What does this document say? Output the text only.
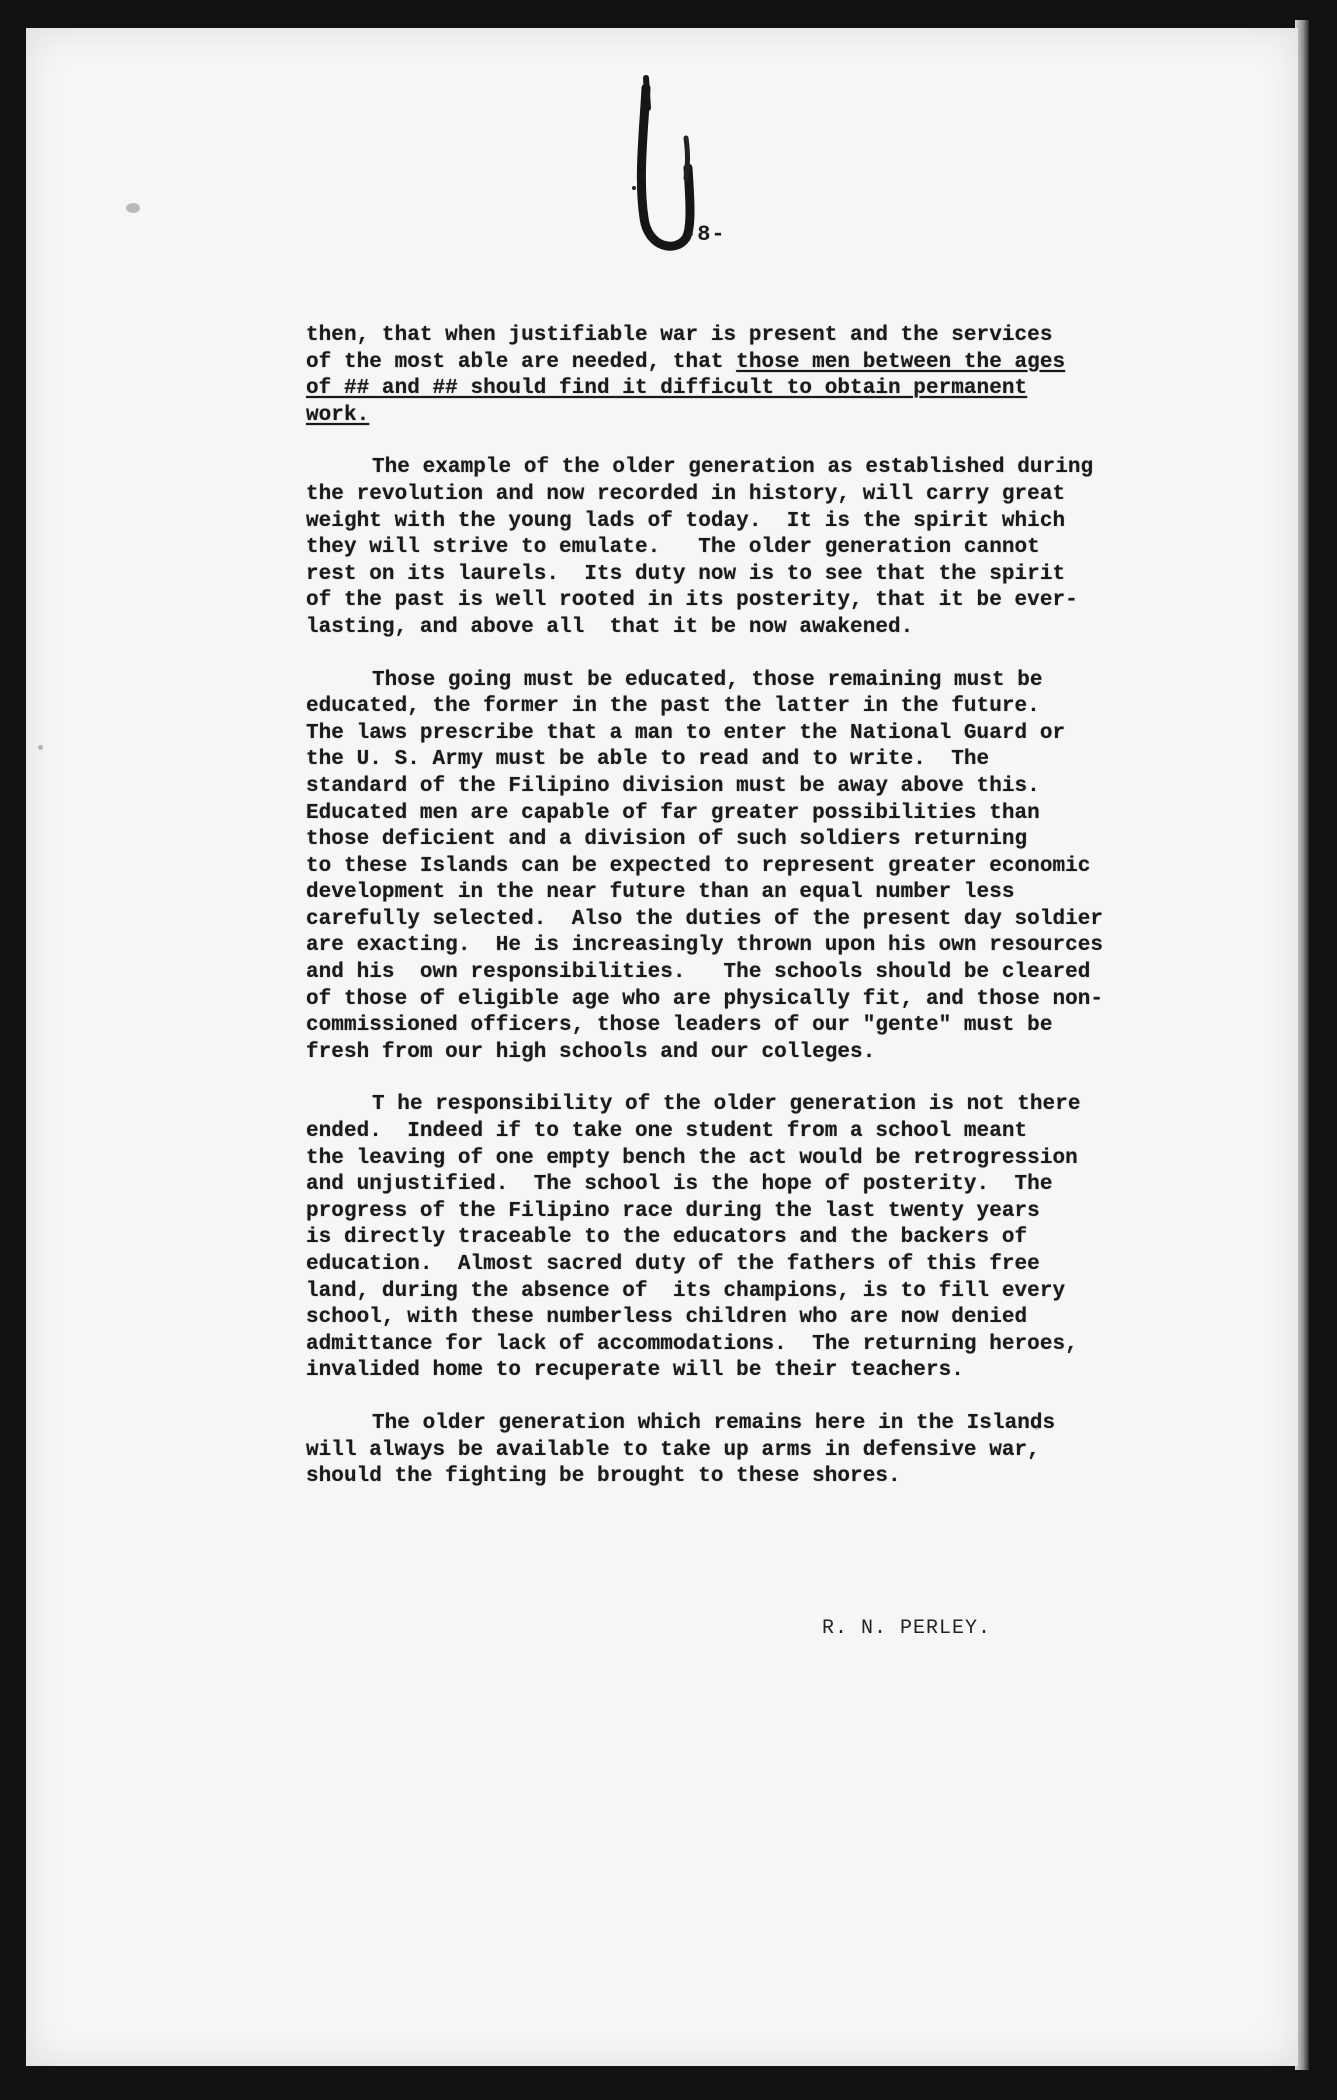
-8-
then, that when justifiable war is present and the services
of the most able are needed, that those men between the ages
of ## and ## should find it difficult to obtain permanent
work.
The example of the older generation as established during
the revolution and now recorded in history, will carry great
weight with the young lads of today.  It is the spirit which
they will strive to emulate.   The older generation cannot
rest on its laurels.  Its duty now is to see that the spirit
of the past is well rooted in its posterity, that it be ever-
lasting, and above all  that it be now awakened.
Those going must be educated, those remaining must be
educated, the former in the past the latter in the future.
The laws prescribe that a man to enter the National Guard or
the U. S. Army must be able to read and to write.  The
standard of the Filipino division must be away above this.
Educated men are capable of far greater possibilities than
those deficient and a division of such soldiers returning
to these Islands can be expected to represent greater economic
development in the near future than an equal number less
carefully selected.  Also the duties of the present day soldier
are exacting.  He is increasingly thrown upon his own resources
and his  own responsibilities.   The schools should be cleared
of those of eligible age who are physically fit, and those non-
commissioned officers, those leaders of our "gente" must be
fresh from our high schools and our colleges.
T he responsibility of the older generation is not there
ended.  Indeed if to take one student from a school meant
the leaving of one empty bench the act would be retrogression
and unjustified.  The school is the hope of posterity.  The
progress of the Filipino race during the last twenty years
is directly traceable to the educators and the backers of
education.  Almost sacred duty of the fathers of this free
land, during the absence of  its champions, is to fill every
school, with these numberless children who are now denied
admittance for lack of accommodations.  The returning heroes,
invalided home to recuperate will be their teachers.
The older generation which remains here in the Islands
will always be available to take up arms in defensive war,
should the fighting be brought to these shores.
R. N. PERLEY.
